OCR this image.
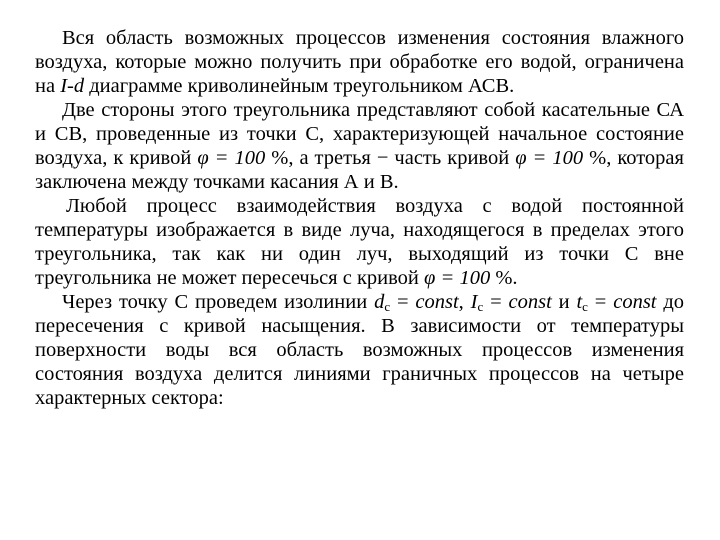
Вся область возможных процессов изменения состояния влажного воздуха, которые можно получить при обработке его водой, ограничена на I-d диаграмме криволинейным треугольником АСВ.

Две стороны этого треугольника представляют собой касательные СА и СВ, проведенные из точки С, характеризующей начальное состояние воздуха, к кривой φ = 100 %, а третья − часть кривой φ = 100 %, которая заключена между точками касания А и В.

Любой процесс взаимодействия воздуха с водой постоянной температуры изображается в виде луча, находящегося в пределах этого треугольника, так как ни один луч, выходящий из точки С вне треугольника не может пересечься с кривой φ = 100 %.

Через точку С проведем изолинии $d_c$ = const, $I_c$ = const и $t_c$ = const до пересечения с кривой насыщения. В зависимости от температуры поверхности воды вся область возможных процессов изменения состояния воздуха делится линиями граничных процессов на четыре характерных сектора:
